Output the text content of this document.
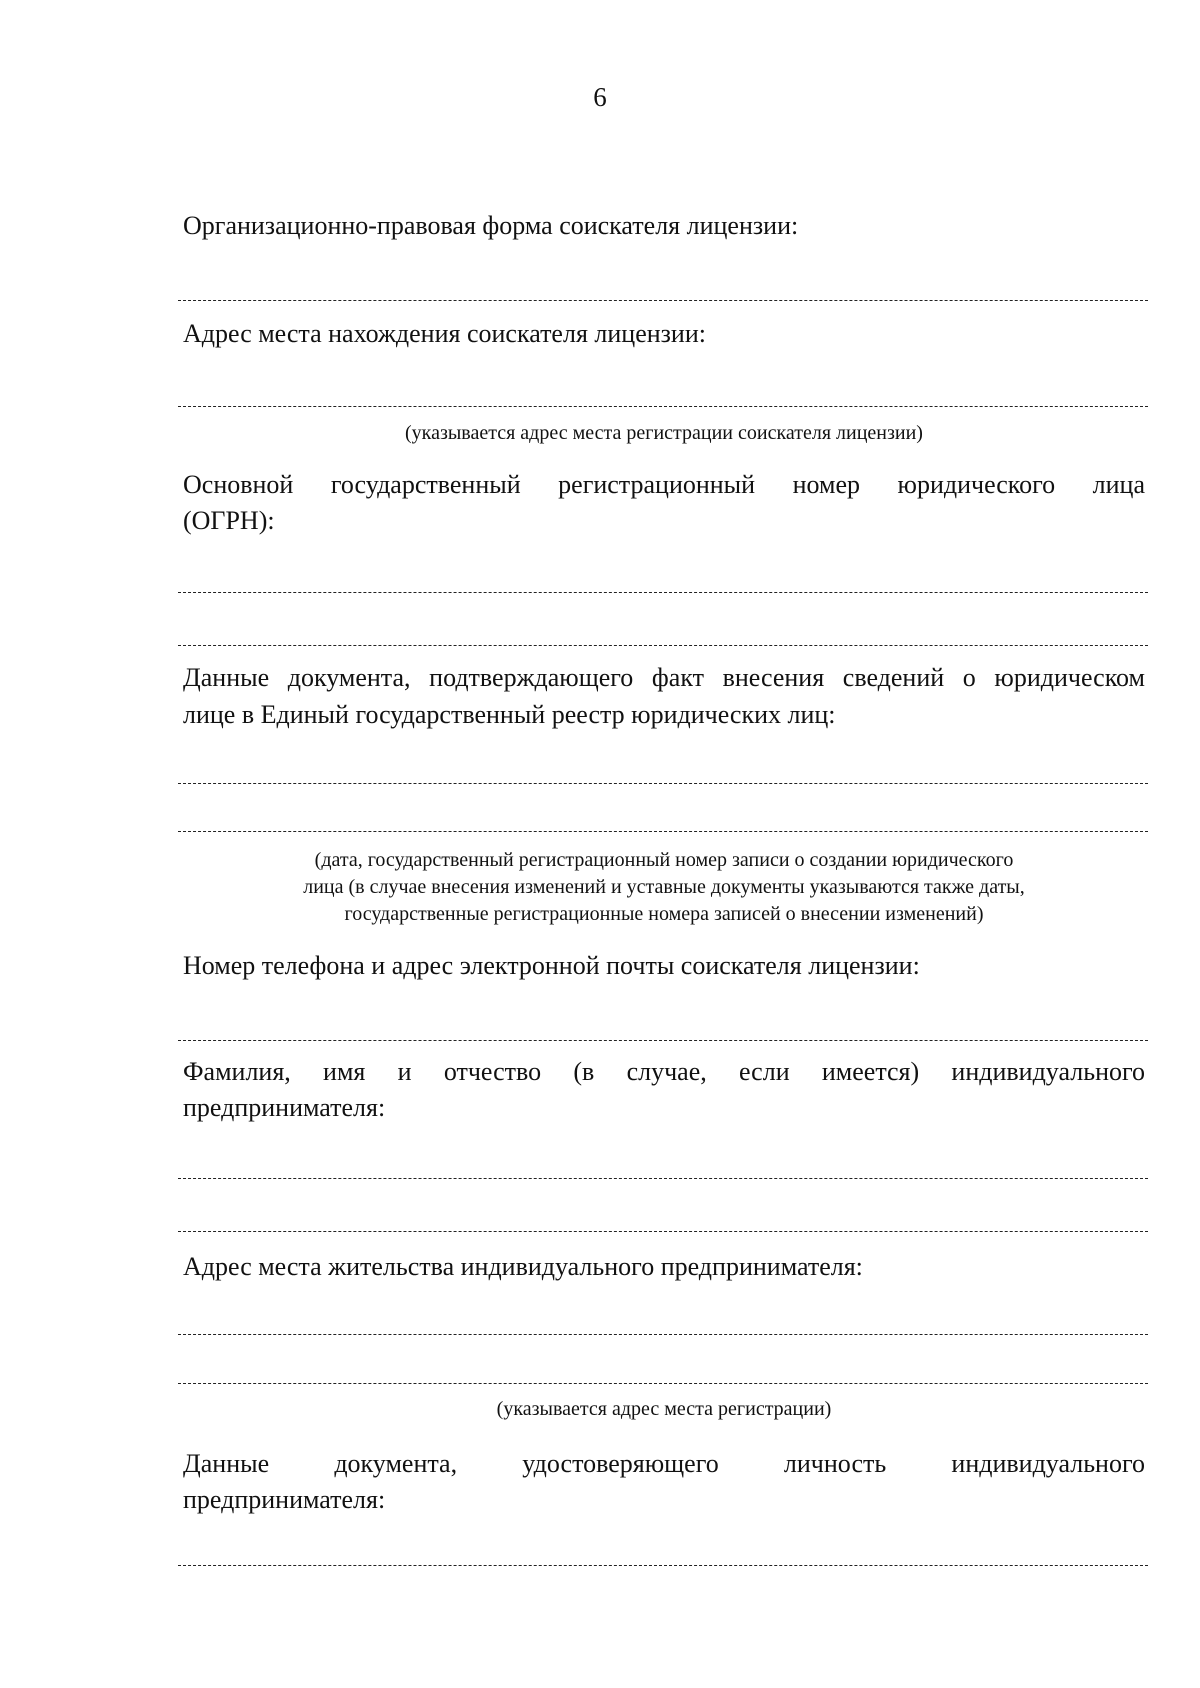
6
Организационно-правовая форма соискателя лицензии:
Адрес места нахождения соискателя лицензии:
(указывается адрес места регистрации соискателя лицензии)
Основной государственный регистрационный номер юридического лица
(ОГРН):
Данные документа, подтверждающего факт внесения сведений о юридическом
лице в Единый государственный реестр юридических лиц:
(дата, государственный регистрационный номер записи о создании юридического
лица (в случае внесения изменений и уставные документы указываются также даты,
государственные регистрационные номера записей о внесении изменений)
Номер телефона и адрес электронной почты соискателя лицензии:
Фамилия, имя и отчество (в случае, если имеется) индивидуального
предпринимателя:
Адрес места жительства индивидуального предпринимателя:
(указывается адрес места регистрации)
Данные документа, удостоверяющего личность индивидуального
предпринимателя:
